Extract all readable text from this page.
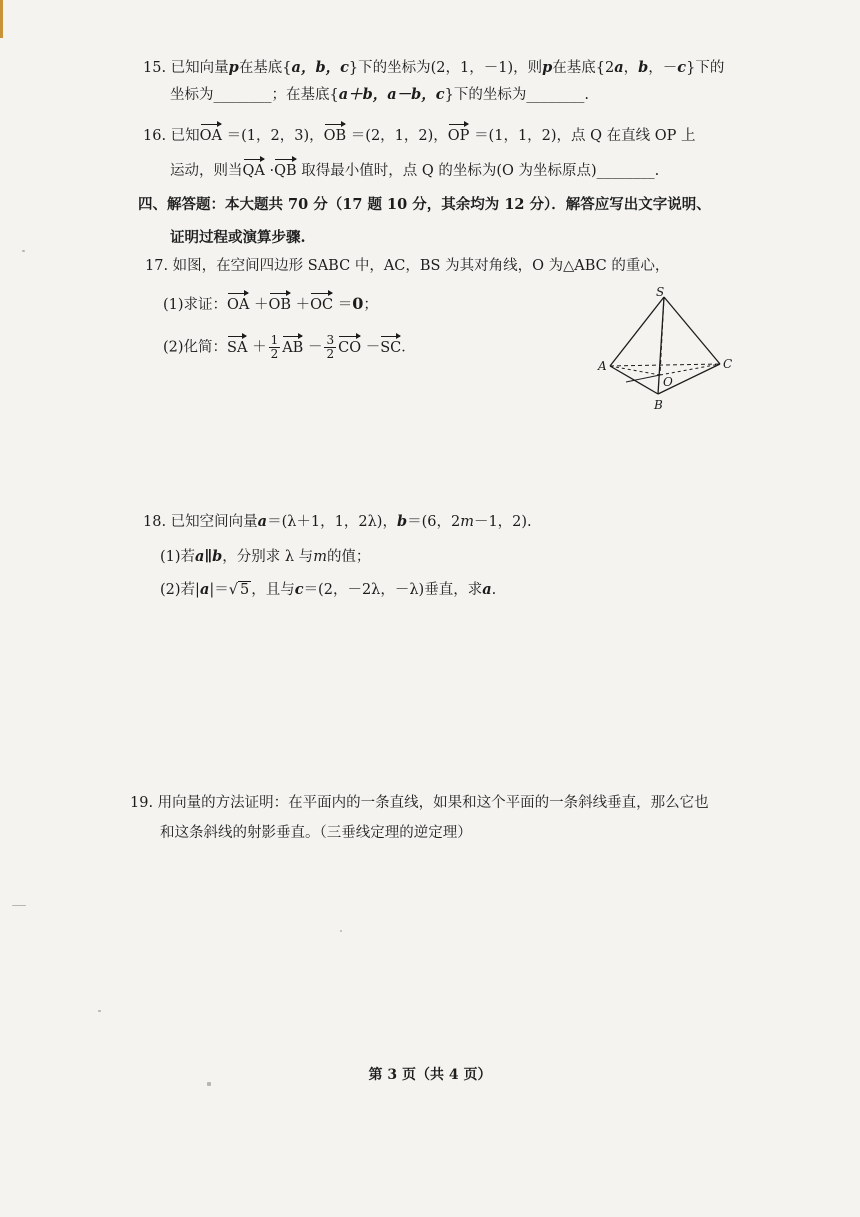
15. 已知向量p在基底{a，b，c}下的坐标为(2，1，－1)，则p在基底{2a，b，－c}下的
坐标为________；在基底{a＋b，a－b，c}下的坐标为________.
16. 已知OA ＝(1，2，3)，OB ＝(2，1，2)，OP ＝(1，1，2)，点 Q 在直线 OP 上
运动，则当QA ·QB 取得最小值时，点 Q 的坐标为(O 为坐标原点)________.
四、解答题：本大题共 70 分（17 题 10 分，其余均为 12 分）．解答应写出文字说明、
证明过程或演算步骤.
17. 如图，在空间四边形 SABC 中，AC，BS 为其对角线，O 为△ABC 的重心，
(1)求证：OA ＋OB ＋OC ＝0；
(2)化简：SA ＋ $\frac{1}{2}$ AB － $\frac{3}{2}$ CO －SC．
S
A	C
B
O
18. 已知空间向量a＝(λ＋1，1，2λ)，b＝(6，2m－1，2).
(1)若a∥b，分别求 λ 与m的值；
(2)若|a|＝√ 5 ，且与c＝(2，－2λ，－λ)垂直，求a.
19. 用向量的方法证明：在平面内的一条直线，如果和这个平面的一条斜线垂直，那么它也
和这条斜线的射影垂直。（三垂线定理的逆定理）
第 3 页（共 4 页）
